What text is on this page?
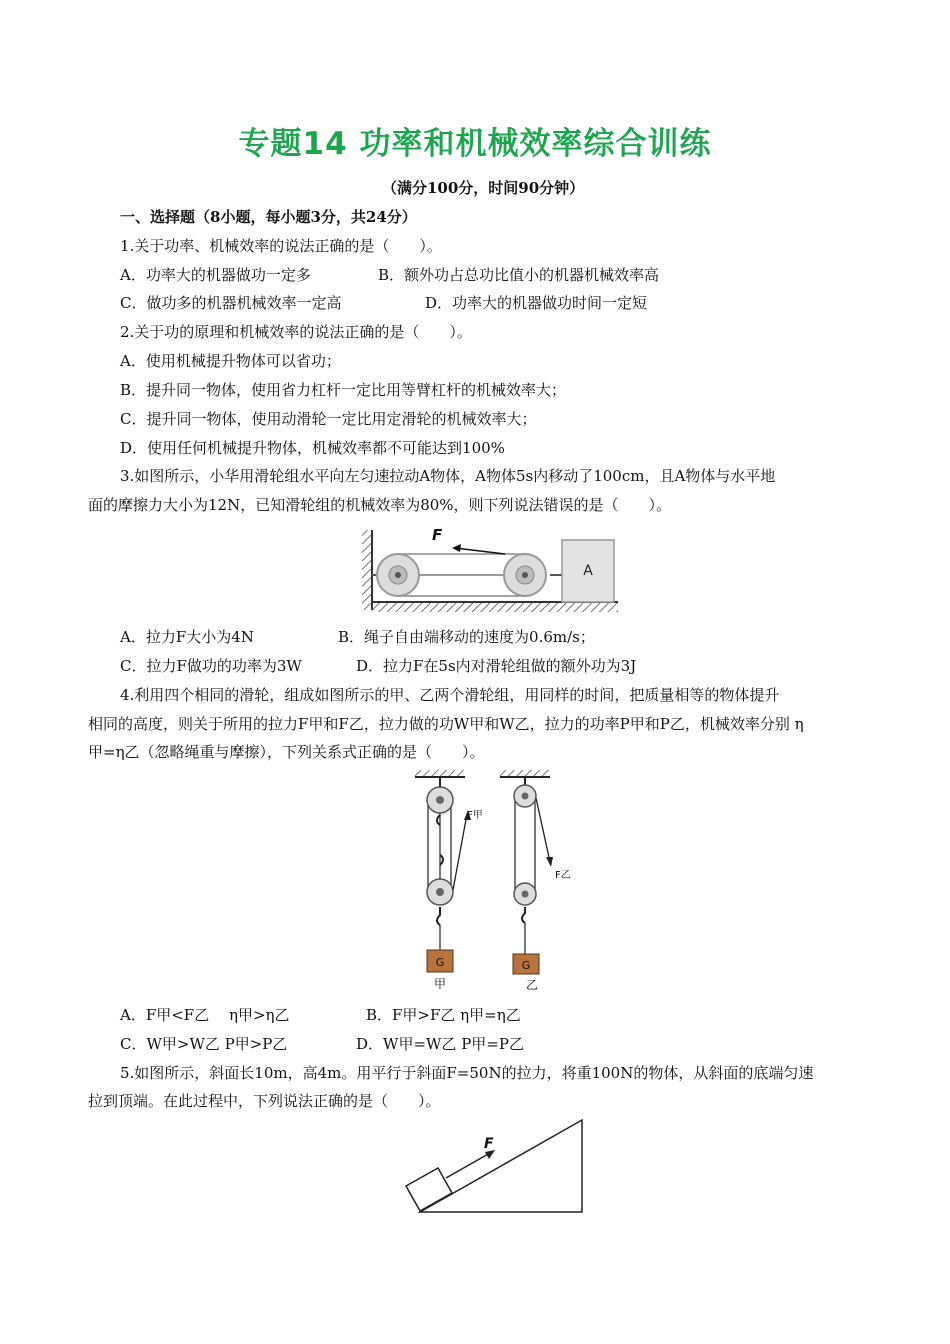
专题14 功率和机械效率综合训练
（满分100分，时间90分钟）
一、选择题（8小题，每小题3分，共24分）
1.关于功率、机械效率的说法正确的是（　　）。
A．功率大的机器做功一定多	B．额外功占总功比值小的机器机械效率高
C．做功多的机器机械效率一定高	D．功率大的机器做功时间一定短
2.关于功的原理和机械效率的说法正确的是（　　）。
A．使用机械提升物体可以省功；
B．提升同一物体，使用省力杠杆一定比用等臂杠杆的机械效率大；
C．提升同一物体，使用动滑轮一定比用定滑轮的机械效率大；
D．使用任何机械提升物体，机械效率都不可能达到100%
3.如图所示，小华用滑轮组水平向左匀速拉动A物体，A物体5s内移动了100cm，且A物体与水平地
面的摩擦力大小为12N，已知滑轮组的机械效率为80%，则下列说法错误的是（　　）。
A
F
A．拉力F大小为4N	B．绳子自由端移动的速度为0.6m/s；
C．拉力F做功的功率为3W	D．拉力F在5s内对滑轮组做的额外功为3J
4.利用四个相同的滑轮，组成如图所示的甲、乙两个滑轮组，用同样的时间，把质量相等的物体提升
相同的高度，则关于所用的拉力F甲和F乙，拉力做的功W甲和W乙，拉力的功率P甲和P乙，机械效率分别 η
甲=η乙（忽略绳重与摩擦），下列关系式正确的是（　　）。
F甲
G
甲
F乙
G
乙
A．F甲<F乙　 η甲>η乙	B．F甲>F乙 η甲=η乙
C．W甲>W乙 P甲>P乙	D．W甲=W乙 P甲=P乙
5.如图所示，斜面长10m，高4m。用平行于斜面F=50N的拉力，将重100N的物体，从斜面的底端匀速
拉到顶端。在此过程中，下列说法正确的是（　　）。
F
